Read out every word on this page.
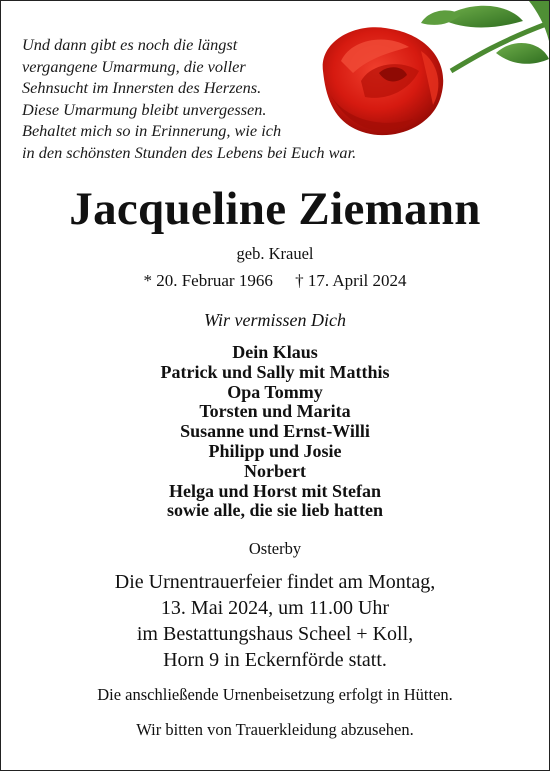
Und dann gibt es noch die längst
vergangene Umarmung, die voller
Sehnsucht im Innersten des Herzens.
Diese Umarmung bleibt unvergessen.
Behaltet mich so in Erinnerung, wie ich
in den schönsten Stunden des Lebens bei Euch war.
Jacqueline Ziemann
geb. Krauel
* 20. Februar 1966 † 17. April 2024
Wir vermissen Dich
Dein Klaus
Patrick und Sally mit Matthis
Opa Tommy
Torsten und Marita
Susanne und Ernst-Willi
Philipp und Josie
Norbert
Helga und Horst mit Stefan
sowie alle, die sie lieb hatten
Osterby
Die Urnentrauerfeier findet am Montag,
13. Mai 2024, um 11.00 Uhr
im Bestattungshaus Scheel + Koll,
Horn 9 in Eckernförde statt.
Die anschließende Urnenbeisetzung erfolgt in Hütten.
Wir bitten von Trauerkleidung abzusehen.
